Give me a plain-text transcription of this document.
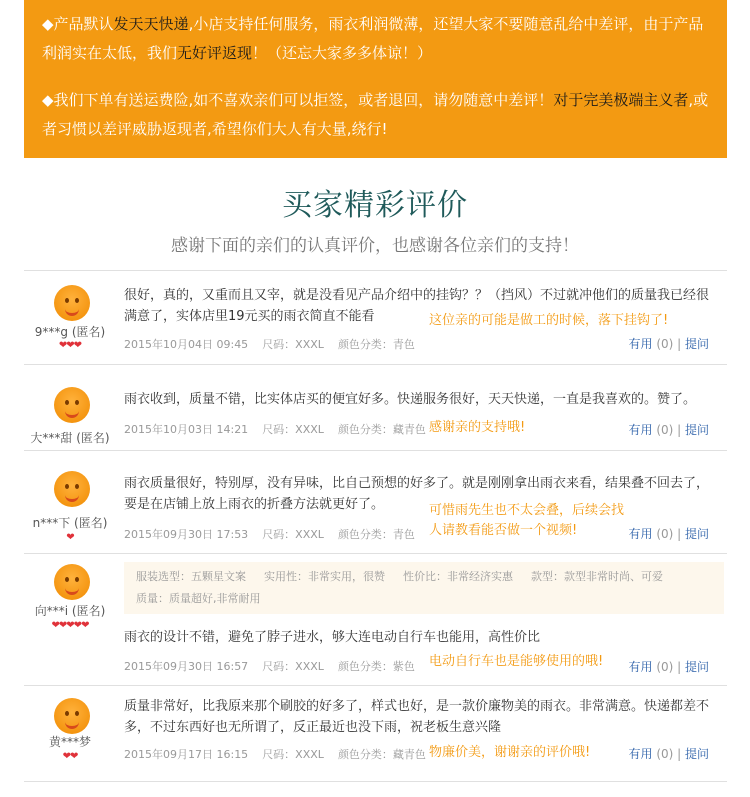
◆产品默认发天天快递,小店支持任何服务，雨衣利润微薄，还望大家不要随意乱给中差评，由于产品利润实在太低，我们无好评返现！（还忘大家多多体谅！）

◆我们下单有送运费险,如不喜欢亲们可以拒签，或者退回，请勿随意中差评！对于完美极端主义者,或者习惯以差评威胁返现者,希望你们大人有大量,绕行!

买家精彩评价
感谢下面的亲们的认真评价，也感谢各位亲们的支持！
9***g (匿名)
❤❤❤
很好，真的，又重而且又宰，就是没看见产品介绍中的挂钩？？（挡风）不过就冲他们的质量我已经很满意了，实体店里19元买的雨衣简直不能看
2015年10月04日 09:45 尺码：XXXL 颜色分类：青色
这位亲的可能是做工的时候，落下挂钩了!
有用 (0) | 提问
大***甜 (匿名)
雨衣收到，质量不错，比实体店买的便宜好多。快递服务很好，天天快递，一直是我喜欢的。赞了。
2015年10月03日 14:21 尺码：XXXL 颜色分类：藏青色 感谢亲的支持哦!	有用 (0) | 提问
n***下 (匿名)
❤
雨衣质量很好，特别厚，没有异味，比自己预想的好多了。就是刚刚拿出雨衣来看，结果叠不回去了，要是在店铺上放上雨衣的折叠方法就更好了。
2015年09月30日 17:53 尺码：XXXL 颜色分类：青色
可惜雨先生也不太会叠，后续会找人请教看能否做一个视频!	有用 (0) | 提问
向***i (匿名)
❤❤❤❤❤
服装选型：五颗星文案 实用性：非常实用，很赞 性价比：非常经济实惠 款型：款型非常时尚、可爱
质量：质量超好,非常耐用
雨衣的设计不错，避免了脖子进水，够大连电动自行车也能用，高性价比
2015年09月30日 16:57 尺码：XXXL 颜色分类：紫色	电动自行车也是能够使用的哦!	有用 (0) | 提问
黄***梦
❤❤
质量非常好，比我原来那个刷胶的好多了，样式也好，是一款价廉物美的雨衣。非常满意。快递都差不多，不过东西好也无所谓了，反正最近也没下雨，祝老板生意兴隆
2015年09月17日 16:15 尺码：XXXL 颜色分类：藏青色 物廉价美，谢谢亲的评价哦!	有用 (0) | 提问
